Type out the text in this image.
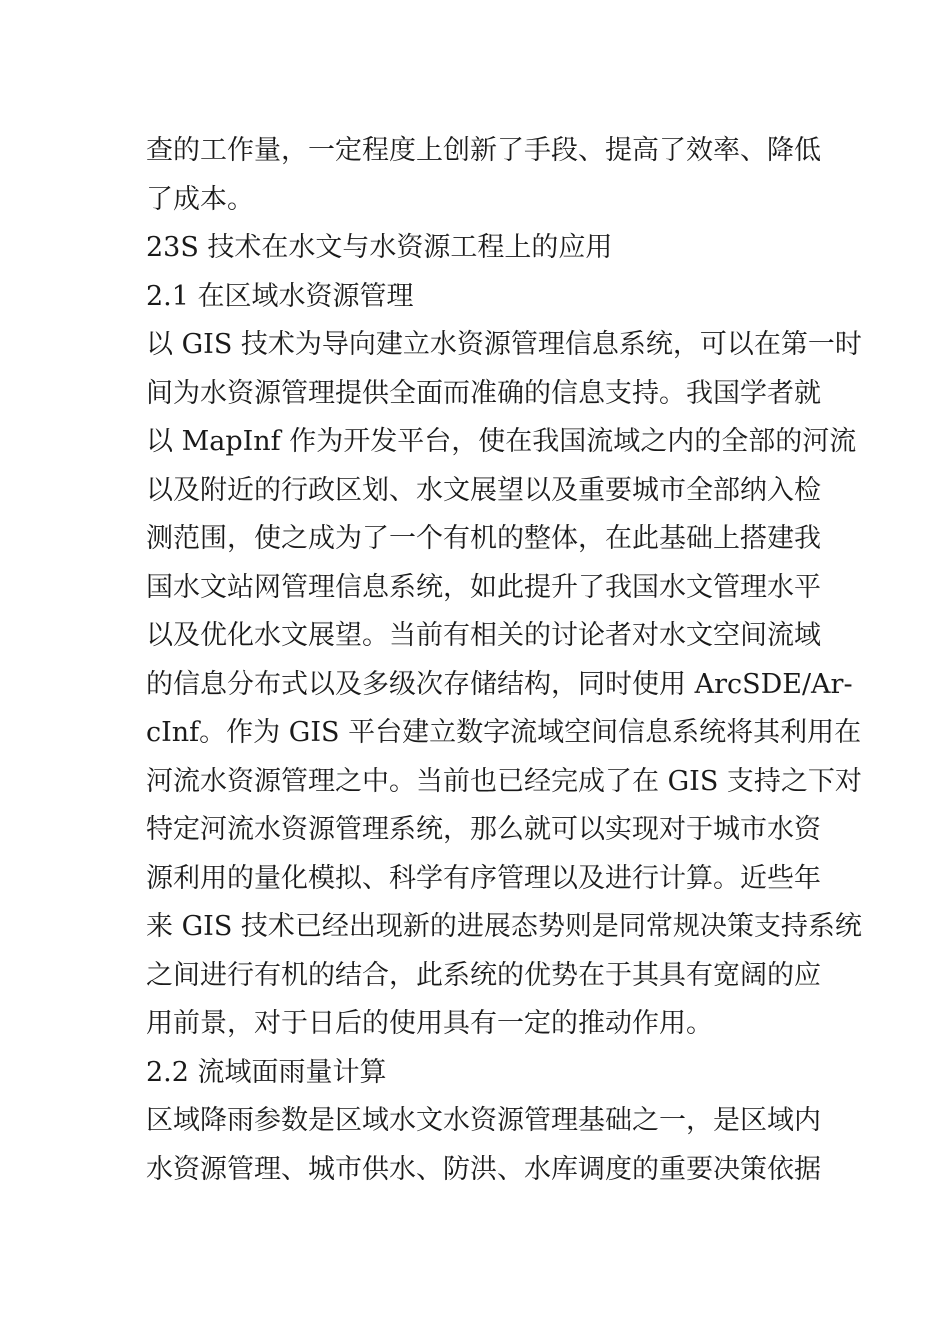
查的工作量，一定程度上创新了手段、提高了效率、降低
了成本。
23S 技术在水文与水资源工程上的应用
2.1 在区域水资源管理
以 GIS 技术为导向建立水资源管理信息系统，可以在第一时
间为水资源管理提供全面而准确的信息支持。我国学者就
以 MapInf 作为开发平台，使在我国流域之内的全部的河流
以及附近的行政区划、水文展望以及重要城市全部纳入检
测范围，使之成为了一个有机的整体，在此基础上搭建我
国水文站网管理信息系统，如此提升了我国水文管理水平
以及优化水文展望。当前有相关的讨论者对水文空间流域
的信息分布式以及多级次存储结构，同时使用 ArcSDE/Ar-
cInf。作为 GIS 平台建立数字流域空间信息系统将其利用在
河流水资源管理之中。当前也已经完成了在 GIS 支持之下对
特定河流水资源管理系统，那么就可以实现对于城市水资
源利用的量化模拟、科学有序管理以及进行计算。近些年
来 GIS 技术已经出现新的进展态势则是同常规决策支持系统
之间进行有机的结合，此系统的优势在于其具有宽阔的应
用前景，对于日后的使用具有一定的推动作用。
2.2 流域面雨量计算
区域降雨参数是区域水文水资源管理基础之一，是区域内
水资源管理、城市供水、防洪、水库调度的重要决策依据
